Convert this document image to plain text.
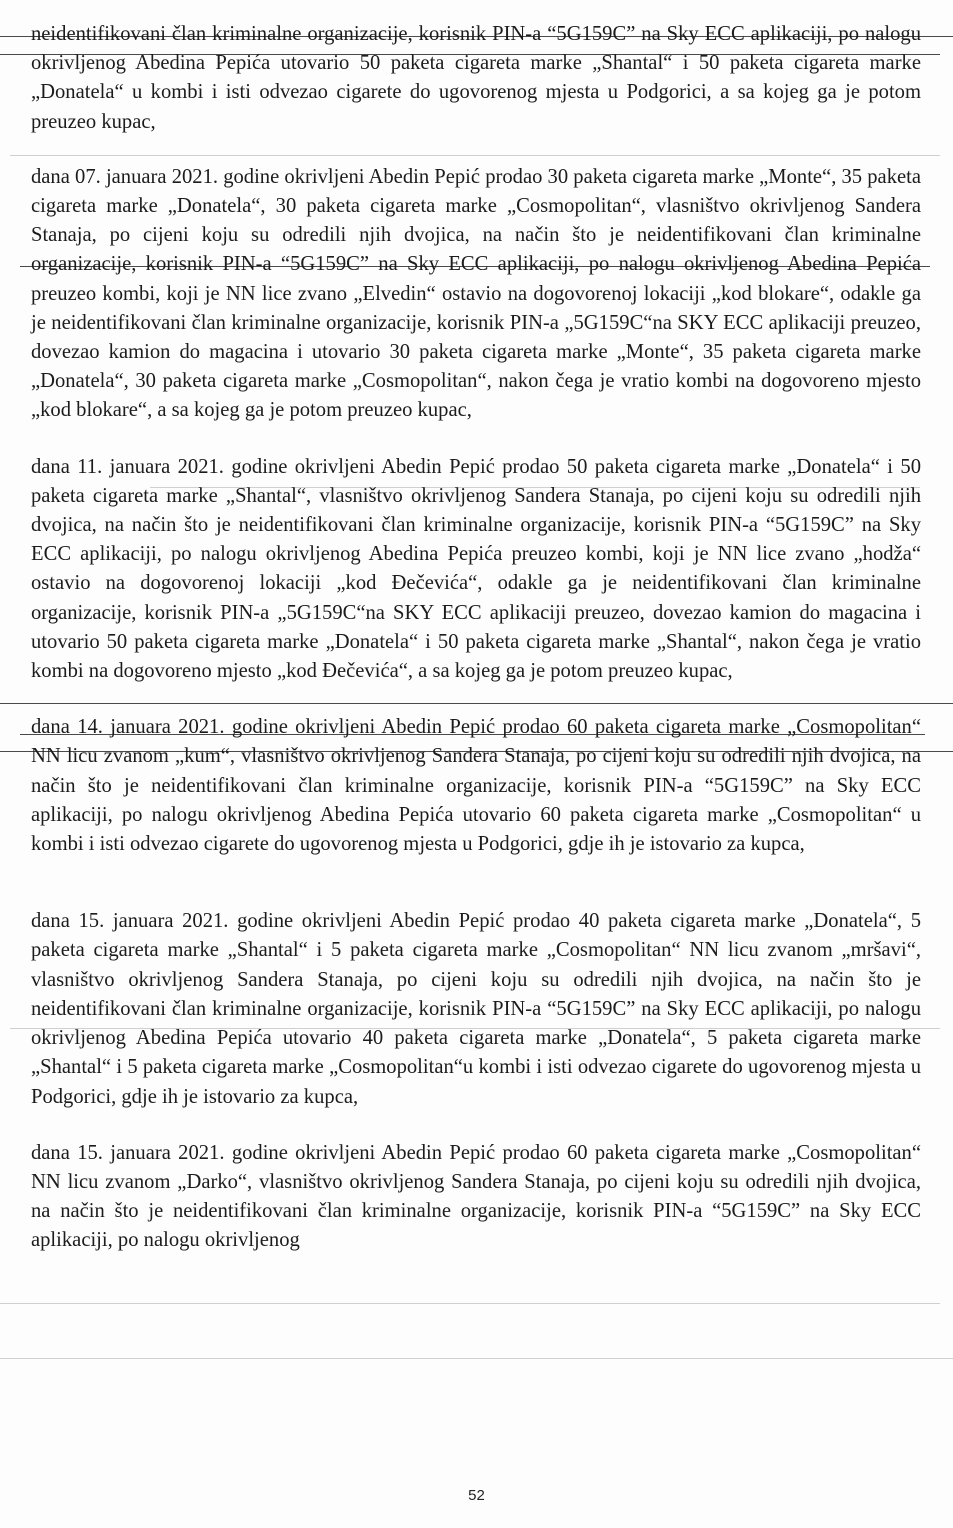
neidentifikovani član kriminalne organizacije, korisnik PIN-a “5G159C” na Sky ECC aplikaciji, po nalogu okrivljenog Abedina Pepića utovario 50 paketa cigareta marke „Shantal“ i 50 paketa cigareta marke „Donatela“ u kombi i isti odvezao cigarete do ugovorenog mjesta u Podgorici, a sa kojeg ga je potom preuzeo kupac,

dana 07. januara 2021. godine okrivljeni Abedin Pepić prodao 30 paketa cigareta marke „Monte“, 35 paketa cigareta marke „Donatela“, 30 paketa cigareta marke „Cosmopolitan“, vlasništvo okrivljenog Sandera Stanaja, po cijeni koju su odredili njih dvojica, na način što je neidentifikovani član kriminalne organizacije, korisnik PIN-a “5G159C” na Sky ECC aplikaciji, po nalogu okrivljenog Abedina Pepića preuzeo kombi, koji je NN lice zvano „Elvedin“ ostavio na dogovorenoj lokaciji „kod blokare“, odakle ga je neidentifikovani član kriminalne organizacije, korisnik PIN-a „5G159C“na SKY ECC aplikaciji preuzeo, dovezao kamion do magacina i utovario 30 paketa cigareta marke „Monte“, 35 paketa cigareta marke „Donatela“, 30 paketa cigareta marke „Cosmopolitan“, nakon čega je vratio kombi na dogovoreno mjesto „kod blokare“, a sa kojeg ga je potom preuzeo kupac,

dana 11. januara 2021. godine okrivljeni Abedin Pepić prodao 50 paketa cigareta marke „Donatela“ i 50 paketa cigareta marke „Shantal“, vlasništvo okrivljenog Sandera Stanaja, po cijeni koju su odredili njih dvojica, na način što je neidentifikovani član kriminalne organizacije, korisnik PIN-a “5G159C” na Sky ECC aplikaciji, po nalogu okrivljenog Abedina Pepića preuzeo kombi, koji je NN lice zvano „hodža“ ostavio na dogovorenoj lokaciji „kod Đečevića“, odakle ga je neidentifikovani član kriminalne organizacije, korisnik PIN-a „5G159C“na SKY ECC aplikaciji preuzeo, dovezao kamion do magacina i utovario 50 paketa cigareta marke „Donatela“ i 50 paketa cigareta marke „Shantal“, nakon čega je vratio kombi na dogovoreno mjesto „kod Đečevića“, a sa kojeg ga je potom preuzeo kupac,

dana 14. januara 2021. godine okrivljeni Abedin Pepić prodao 60 paketa cigareta marke „Cosmopolitan“ NN licu zvanom „kum“, vlasništvo okrivljenog Sandera Stanaja, po cijeni koju su odredili njih dvojica, na način što je neidentifikovani član kriminalne organizacije, korisnik PIN-a “5G159C” na Sky ECC aplikaciji, po nalogu okrivljenog Abedina Pepića utovario 60 paketa cigareta marke „Cosmopolitan“ u kombi i isti odvezao cigarete do ugovorenog mjesta u Podgorici, gdje ih je istovario za kupca,

dana 15. januara 2021. godine okrivljeni Abedin Pepić prodao 40 paketa cigareta marke „Donatela“, 5 paketa cigareta marke „Shantal“ i 5 paketa cigareta marke „Cosmopolitan“ NN licu zvanom „mršavi“, vlasništvo okrivljenog Sandera Stanaja, po cijeni koju su odredili njih dvojica, na način što je neidentifikovani član kriminalne organizacije, korisnik PIN-a “5G159C” na Sky ECC aplikaciji, po nalogu okrivljenog Abedina Pepića utovario 40 paketa cigareta marke „Donatela“, 5 paketa cigareta marke „Shantal“ i 5 paketa cigareta marke „Cosmopolitan“u kombi i isti odvezao cigarete do ugovorenog mjesta u Podgorici, gdje ih je istovario za kupca,

dana 15. januara 2021. godine okrivljeni Abedin Pepić prodao 60 paketa cigareta marke „Cosmopolitan“ NN licu zvanom „Darko“, vlasništvo okrivljenog Sandera Stanaja, po cijeni koju su odredili njih dvojica, na način što je neidentifikovani član kriminalne organizacije, korisnik PIN-a “5G159C” na Sky ECC aplikaciji, po nalogu okrivljenog

52
